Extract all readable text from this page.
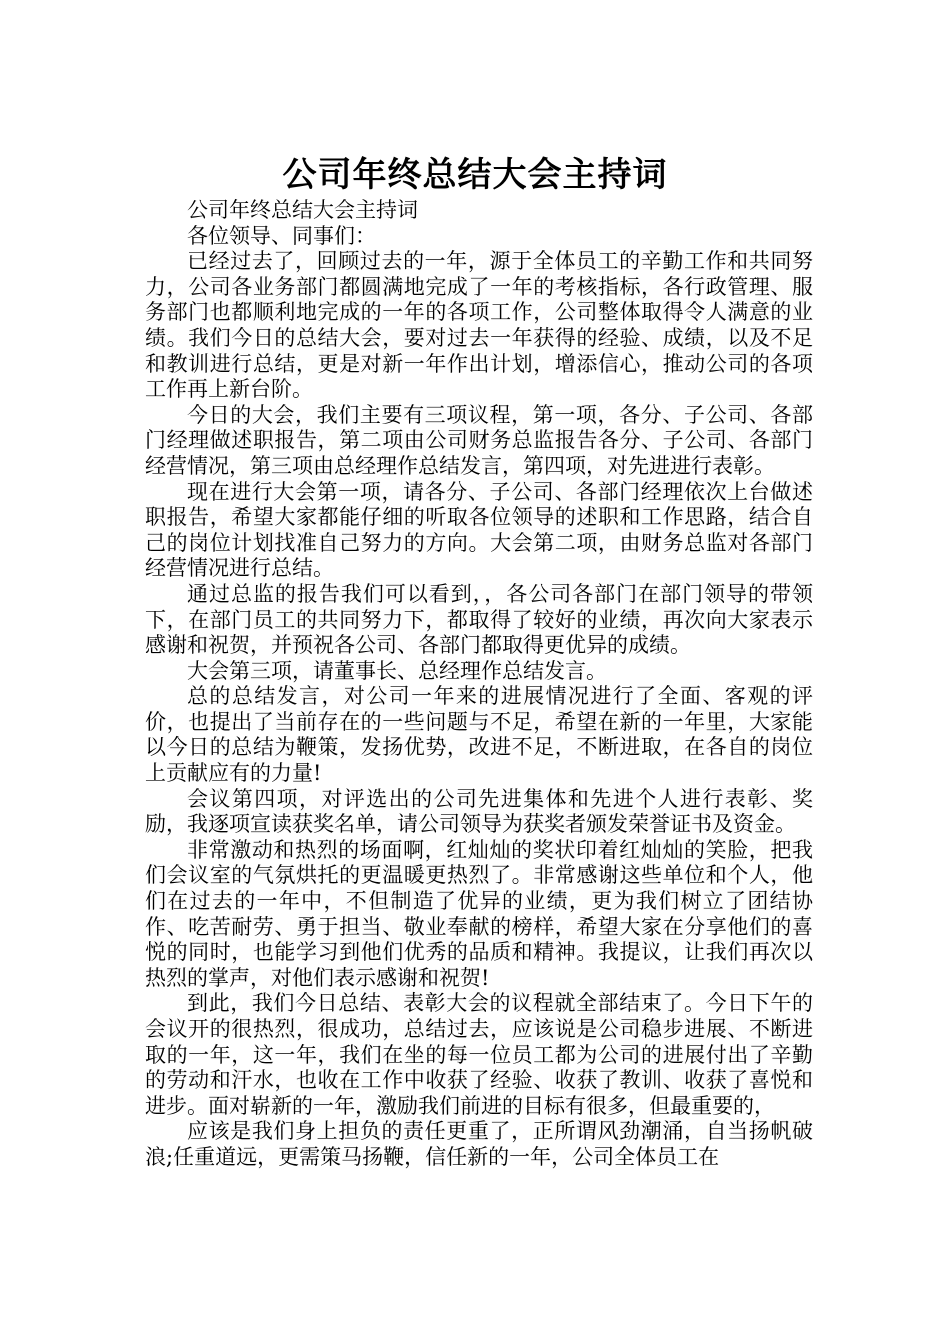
公司年终总结大会主持词

公司年终总结大会主持词

各位领导、同事们：

已经过去了，回顾过去的一年，源于全体员工的辛勤工作和共同努力，公司各业务部门都圆满地完成了一年的考核指标，各行政管理、服务部门也都顺利地完成的一年的各项工作，公司整体取得令人满意的业绩。我们今日的总结大会，要对过去一年获得的经验、成绩，以及不足和教训进行总结，更是对新一年作出计划，增添信心，推动公司的各项工作再上新台阶。

今日的大会，我们主要有三项议程，第一项，各分、子公司、各部门经理做述职报告，第二项由公司财务总监报告各分、子公司、各部门经营情况，第三项由总经理作总结发言，第四项，对先进进行表彰。

现在进行大会第一项，请各分、子公司、各部门经理依次上台做述职报告，希望大家都能仔细的听取各位领导的述职和工作思路，结合自己的岗位计划找准自己努力的方向。大会第二项，由财务总监对各部门经营情况进行总结。

通过总监的报告我们可以看到，，各公司各部门在部门领导的带领下，在部门员工的共同努力下，都取得了较好的业绩，再次向大家表示感谢和祝贺，并预祝各公司、各部门都取得更优异的成绩。

大会第三项，请董事长、总经理作总结发言。

总的总结发言，对公司一年来的进展情况进行了全面、客观的评价，也提出了当前存在的一些问题与不足，希望在新的一年里，大家能以今日的总结为鞭策，发扬优势，改进不足，不断进取，在各自的岗位上贡献应有的力量!

会议第四项，对评选出的公司先进集体和先进个人进行表彰、奖励，我逐项宣读获奖名单，请公司领导为获奖者颁发荣誉证书及资金。

非常激动和热烈的场面啊，红灿灿的奖状印着红灿灿的笑脸，把我们会议室的气氛烘托的更温暖更热烈了。非常感谢这些单位和个人，他们在过去的一年中，不但制造了优异的业绩，更为我们树立了团结协作、吃苦耐劳、勇于担当、敬业奉献的榜样，希望大家在分享他们的喜悦的同时，也能学习到他们优秀的品质和精神。我提议，让我们再次以热烈的掌声，对他们表示感谢和祝贺!

到此，我们今日总结、表彰大会的议程就全部结束了。今日下午的会议开的很热烈，很成功，总结过去，应该说是公司稳步进展、不断进取的一年，这一年，我们在坐的每一位员工都为公司的进展付出了辛勤的劳动和汗水，也收在工作中收获了经验、收获了教训、收获了喜悦和进步。面对崭新的一年，激励我们前进的目标有很多，但最重要的，

应该是我们身上担负的责任更重了，正所谓风劲潮涌，自当扬帆破浪;任重道远，更需策马扬鞭，信任新的一年，公司全体员工在
